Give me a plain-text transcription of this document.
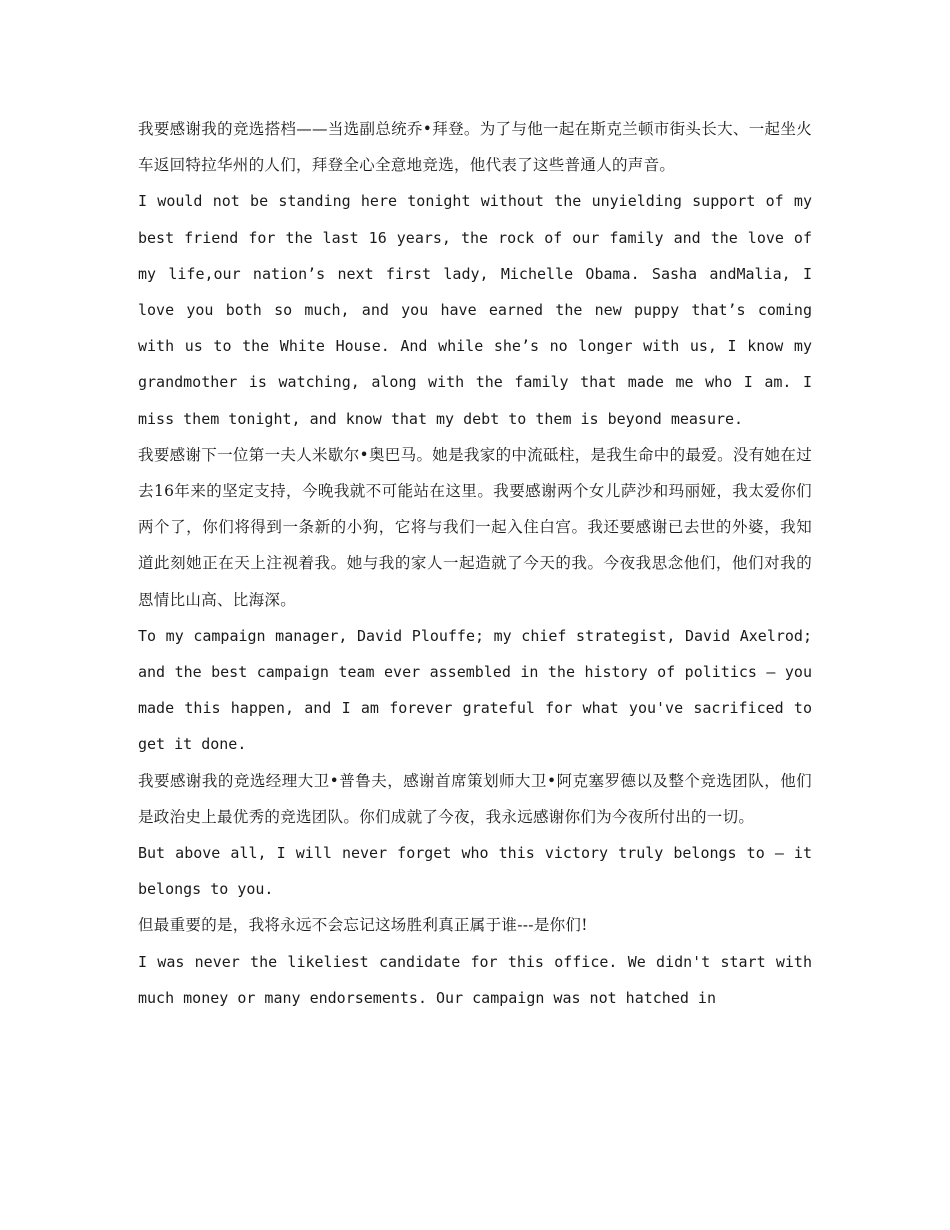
我要感谢我的竞选搭档——当选副总统乔•拜登。为了与他一起在斯克兰顿市街头长大、一起坐火车返回特拉华州的人们，拜登全心全意地竞选，他代表了这些普通人的声音。

I would not be standing here tonight without the unyielding support of my best friend for the last 16 years, the rock of our family and the love of my life,our nation’s next first lady, Michelle Obama. Sasha andMalia, I love you both so much, and you have earned the new puppy that’s coming with us to the White House. And while she’s no longer with us, I know my grandmother is watching, along with the family that made me who I am. I miss them tonight, and know that my debt to them is beyond measure.

我要感谢下一位第一夫人米歇尔•奥巴马。她是我家的中流砥柱，是我生命中的最爱。没有她在过去16年来的坚定支持，今晚我就不可能站在这里。我要感谢两个女儿萨沙和玛丽娅，我太爱你们两个了，你们将得到一条新的小狗，它将与我们一起入住白宫。我还要感谢已去世的外婆，我知道此刻她正在天上注视着我。她与我的家人一起造就了今天的我。今夜我思念他们，他们对我的恩情比山高、比海深。

To my campaign manager, David Plouffe; my chief strategist, David Axelrod; and the best campaign team ever assembled in the history of politics — you made this happen, and I am forever grateful for what you've sacrificed to get it done.

我要感谢我的竞选经理大卫•普鲁夫，感谢首席策划师大卫•阿克塞罗德以及整个竞选团队，他们是政治史上最优秀的竞选团队。你们成就了今夜，我永远感谢你们为今夜所付出的一切。

But above all, I will never forget who this victory truly belongs to — it belongs to you.

但最重要的是，我将永远不会忘记这场胜利真正属于谁---是你们!

I was never the likeliest candidate for this office. We didn't start with much money or many endorsements. Our campaign was not hatched in
